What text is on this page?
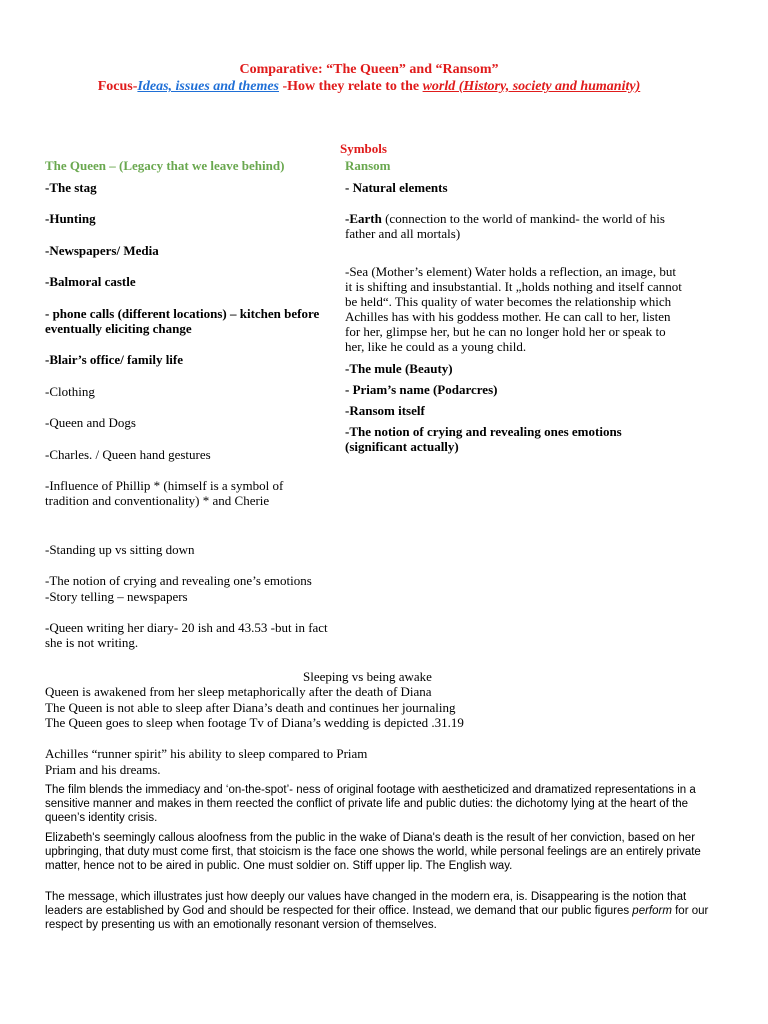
Comparative: “The Queen” and “Ransom”
Focus-Ideas, issues and themes -How they relate to the world (History, society and humanity)
Symbols
The Queen – (Legacy that we leave behind)
-The stag
-Hunting
-Newspapers/ Media
-Balmoral castle
- phone calls (different locations) – kitchen before eventually eliciting change
-Blair’s office/ family life
-Clothing
-Queen and Dogs
-Charles. / Queen hand gestures
-Influence of Phillip * (himself is a symbol of tradition and conventionality) * and Cherie
-Standing up vs sitting down
-The notion of crying and revealing one’s emotions
-Story telling – newspapers
-Queen writing her diary- 20 ish and 43.53 -but in fact she is not writing.
Ransom
- Natural elements
-Earth (connection to the world of mankind- the world of his father and all mortals)
-Sea (Mother’s element) Water holds a reflection, an image, but it is shifting and insubstantial. It „holds nothing and itself cannot be held“. This quality of water becomes the relationship which Achilles has with his goddess mother. He can call to her, listen for her, glimpse her, but he can no longer hold her or speak to her, like he could as a young child.
-The mule (Beauty)
- Priam’s name (Podarcres)
-Ransom itself
-The notion of crying and revealing ones emotions (significant actually)
Sleeping vs being awake
Queen is awakened from her sleep metaphorically after the death of Diana
The Queen is not able to sleep after Diana’s death and continues her journaling
The Queen goes to sleep when footage Tv of Diana’s wedding is depicted .31.19
Achilles “runner spirit” his ability to sleep compared to Priam
Priam and his dreams.
The film blends the immediacy and ‘on-the-spot’- ness of original footage with aestheticized and dramatized representations in a sensitive manner and makes in them reected the conflict of private life and public duties: the dichotomy lying at the heart of the queen’s identity crisis.
Elizabeth's seemingly callous aloofness from the public in the wake of Diana's death is the result of her conviction, based on her upbringing, that duty must come first, that stoicism is the face one shows the world, while personal feelings are an entirely private matter, hence not to be aired in public. One must soldier on. Stiff upper lip. The English way.
The message, which illustrates just how deeply our values have changed in the modern era, is. Disappearing is the notion that leaders are established by God and should be respected for their office. Instead, we demand that our public figures perform for our respect by presenting us with an emotionally resonant version of themselves.
